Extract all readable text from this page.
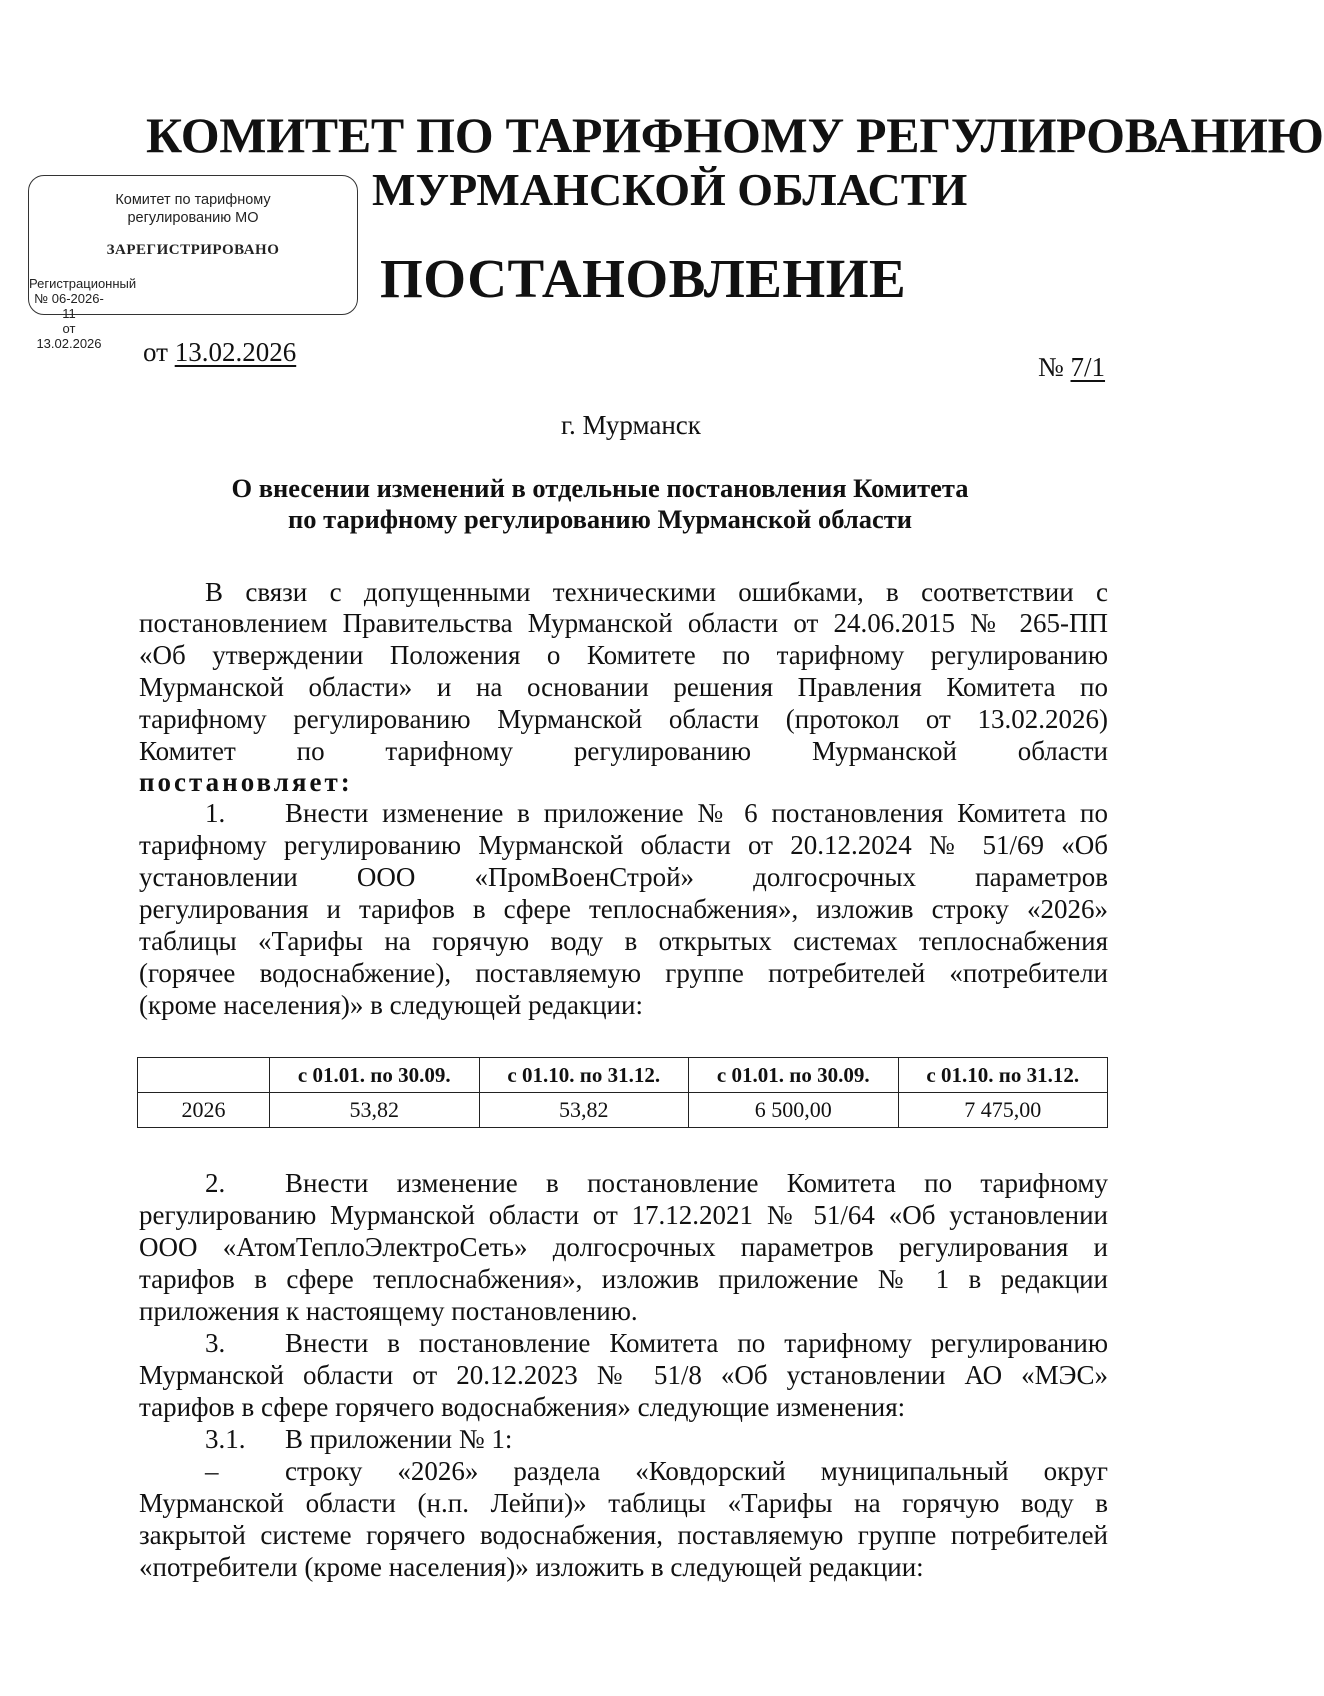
КОМИТЕТ ПО ТАРИФНОМУ РЕГУЛИРОВАНИЮ
МУРМАНСКОЙ ОБЛАСТИ
ПОСТАНОВЛЕНИЕ
Комитет по тарифному
регулированию МО
ЗАРЕГИСТРИРОВАНО
Регистрационный № 06-2026-11
от 13.02.2026 от 13.02.2026	№ 7/1
г. Мурманск
О внесении изменений в отдельные постановления Комитета
по тарифному регулированию Мурманской области
В связи с допущенными техническими ошибками, в соответствии с
постановлением Правительства Мурманской области от 24.06.2015 № 265-ПП
«Об утверждении Положения о Комитете по тарифному регулированию
Мурманской области» и на основании решения Правления Комитета по
тарифному регулированию Мурманской области (протокол от 13.02.2026)
Комитет по тарифному регулированию Мурманской области
постановляет:
1. Внести изменение в приложение № 6 постановления Комитета по
тарифному регулированию Мурманской области от 20.12.2024 № 51/69 «Об
установлении ООО «ПромВоенСтрой» долгосрочных параметров
регулирования и тарифов в сфере теплоснабжения», изложив строку «2026»
таблицы «Тарифы на горячую воду в открытых системах теплоснабжения
(горячее водоснабжение), поставляемую группе потребителей «потребители
(кроме населения)» в следующей редакции:
	с 01.01. по 30.09.	с 01.10. по 31.12.	с 01.01. по 30.09.	с 01.10. по 31.12.
2026	53,82	53,82	6 500,00	7 475,00
2. Внести изменение в постановление Комитета по тарифному
регулированию Мурманской области от 17.12.2021 № 51/64 «Об установлении
ООО «АтомТеплоЭлектроСеть» долгосрочных параметров регулирования и
тарифов в сфере теплоснабжения», изложив приложение № 1 в редакции
приложения к настоящему постановлению.
3. Внести в постановление Комитета по тарифному регулированию
Мурманской области от 20.12.2023 № 51/8 «Об установлении АО «МЭС»
тарифов в сфере горячего водоснабжения» следующие изменения:
3.1. В приложении № 1:
– строку «2026» раздела «Ковдорский муниципальный округ
Мурманской области (н.п. Лейпи)» таблицы «Тарифы на горячую воду в
закрытой системе горячего водоснабжения, поставляемую группе потребителей
«потребители (кроме населения)» изложить в следующей редакции:
